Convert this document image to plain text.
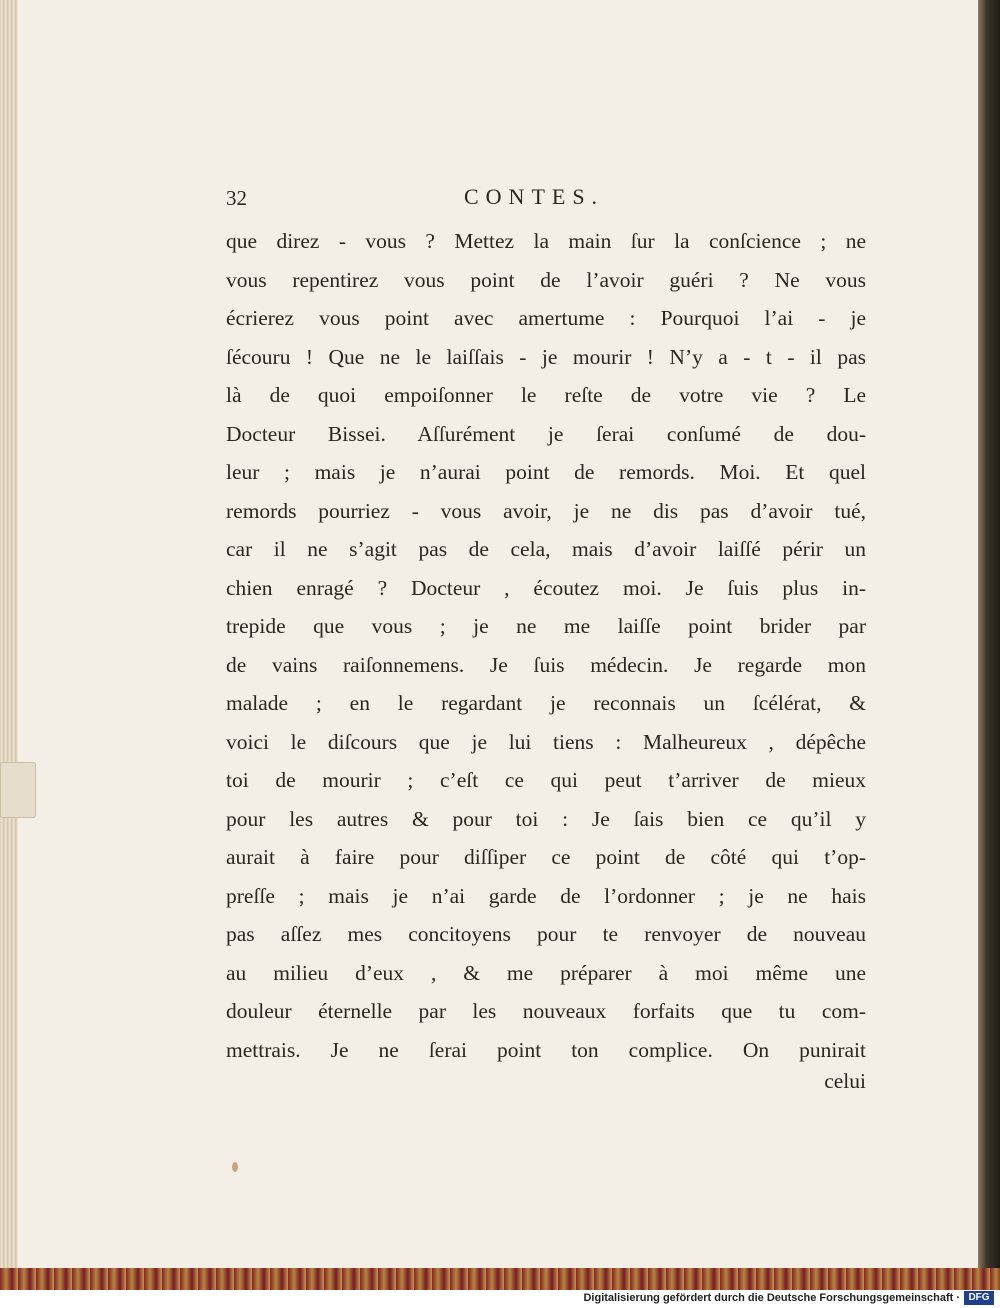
32	CONTES.
que direz - vous ? Mettez la main ſur la conſcience ; ne
vous repentirez vous point de l’avoir guéri ? Ne vous
écrierez vous point avec amertume : Pourquoi l’ai - je
ſécouru ! Que ne le laiſſais - je mourir ! N’y a - t - il pas
là de quoi empoiſonner le reſte de votre vie ? Le
Docteur Bissei. Aſſurément je ſerai conſumé de dou-
leur ; mais je n’aurai point de remords. Moi. Et quel
remords pourriez - vous avoir, je ne dis pas d’avoir tué,
car il ne s’agit pas de cela, mais d’avoir laiſſé périr un
chien enragé ? Docteur , écoutez moi. Je ſuis plus in-
trepide que vous ; je ne me laiſſe point brider par
de vains raiſonnemens. Je ſuis médecin. Je regarde mon
malade ; en le regardant je reconnais un ſcélérat, &
voici le diſcours que je lui tiens : Malheureux , dépêche
toi de mourir ; c’eſt ce qui peut t’arriver de mieux
pour les autres & pour toi : Je ſais bien ce qu’il y
aurait à faire pour diſſiper ce point de côté qui t’op-
preſſe ; mais je n’ai garde de l’ordonner ; je ne hais
pas aſſez mes concitoyens pour te renvoyer de nouveau
au milieu d’eux , & me préparer à moi même une
douleur éternelle par les nouveaux forfaits que tu com-
mettrais. Je ne ſerai point ton complice. On punirait
celui
Digitalisierung gefördert durch die Deutsche Forschungsgemeinschaft · DFG
